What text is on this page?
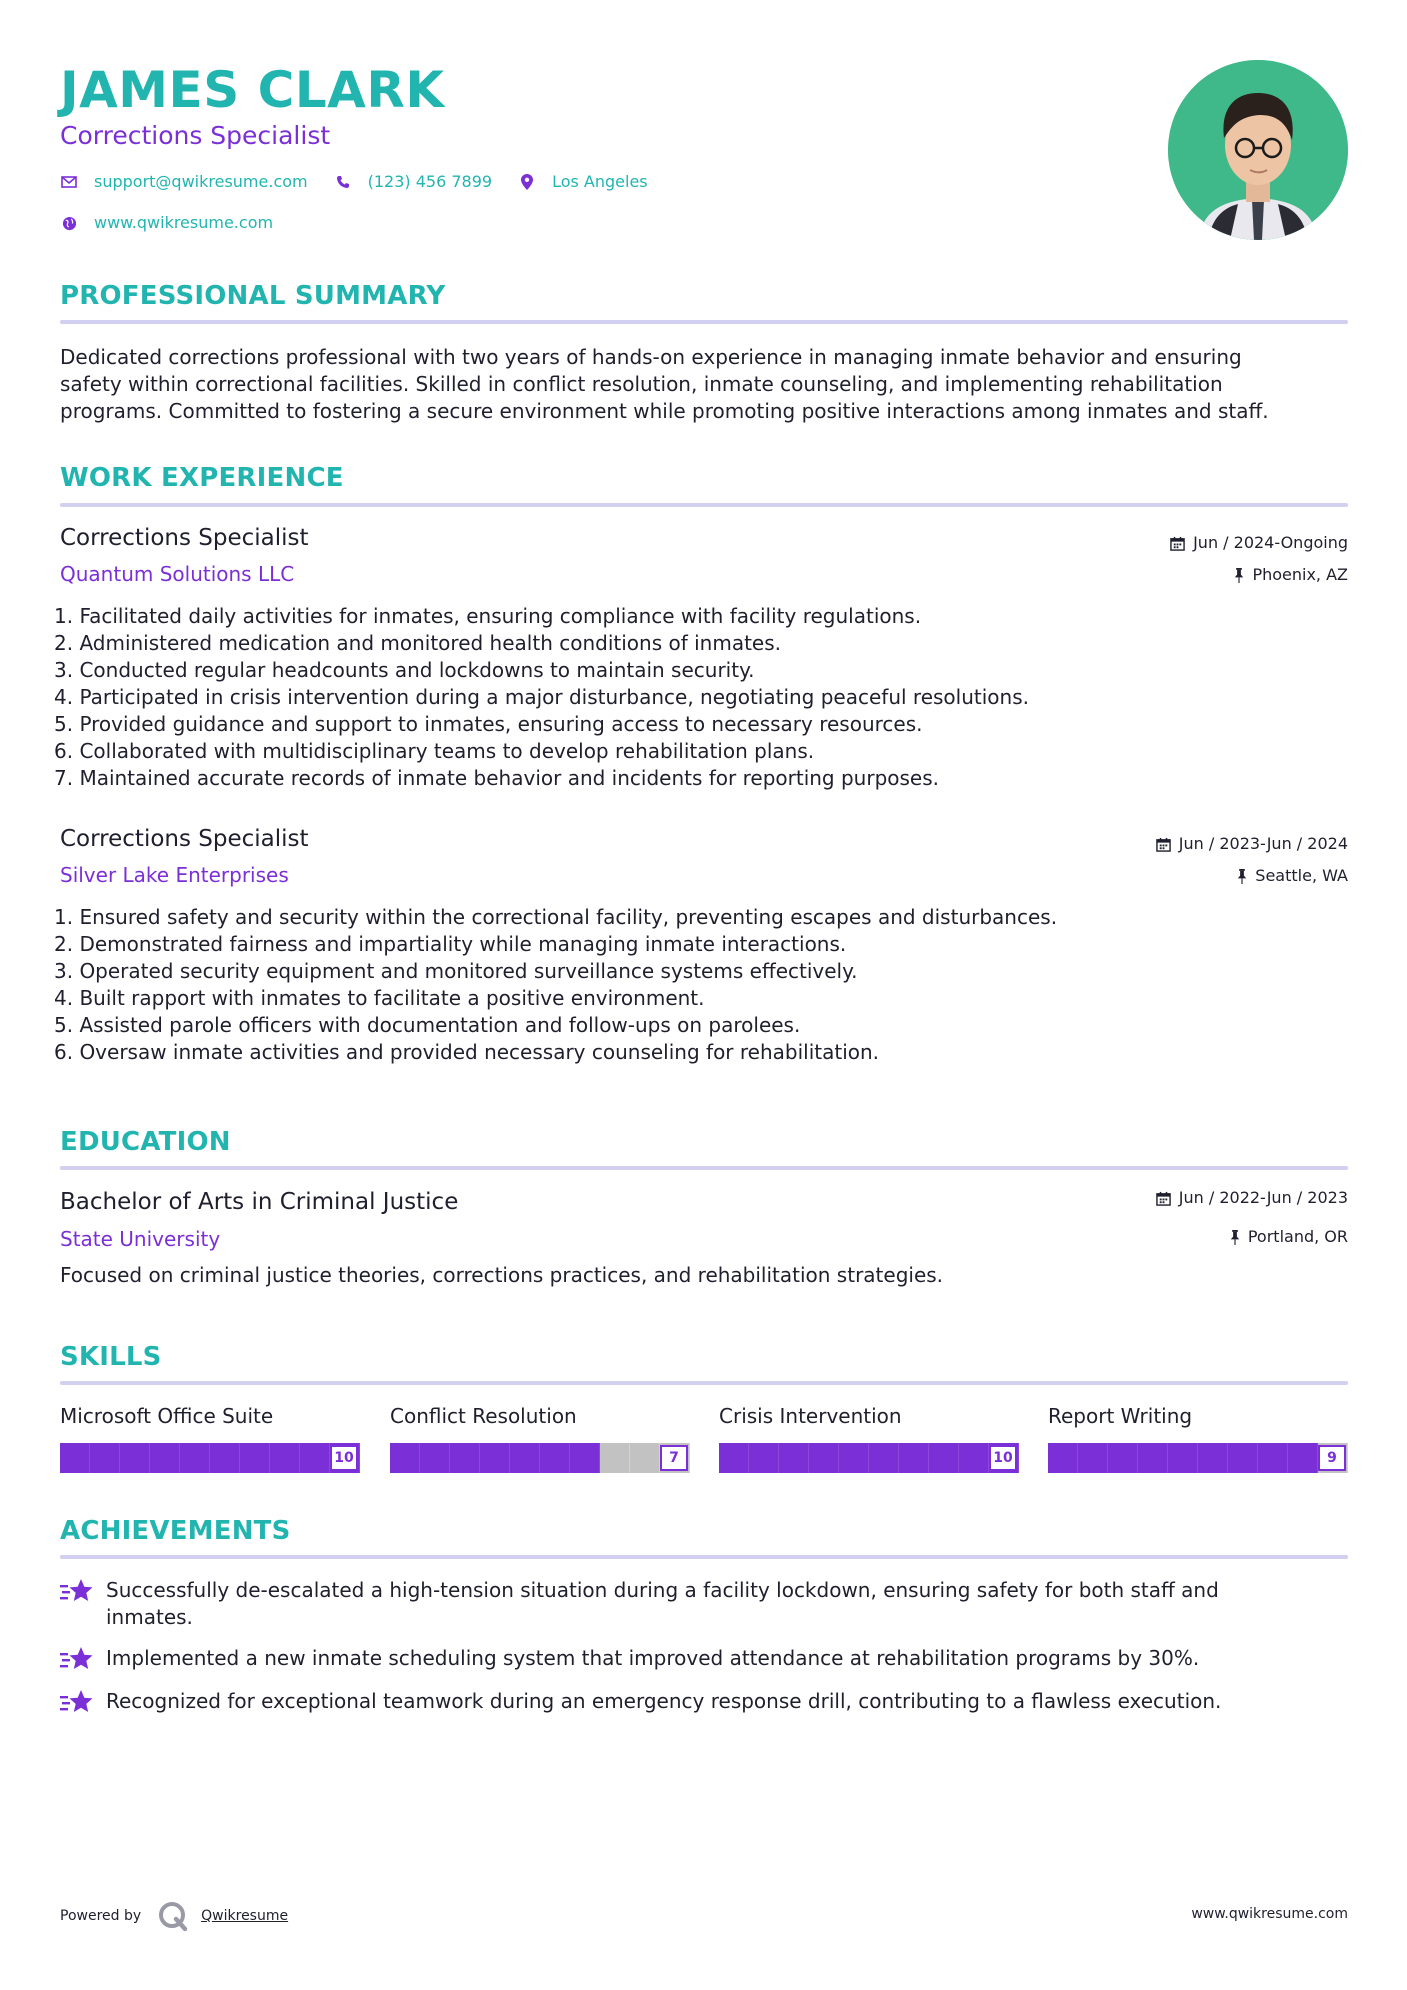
JAMES CLARK
Corrections Specialist
support@qwikresume.com	(123) 456 7899	Los Angeles
www.qwikresume.com
PROFESSIONAL SUMMARY
Dedicated corrections professional with two years of hands-on experience in managing inmate behavior and ensuring
safety within correctional facilities. Skilled in conflict resolution, inmate counseling, and implementing rehabilitation
programs. Committed to fostering a secure environment while promoting positive interactions among inmates and staff.
WORK EXPERIENCE
Corrections Specialist
Quantum Solutions LLC
Jun / 2024-Ongoing
Phoenix, AZ
1. Facilitated daily activities for inmates, ensuring compliance with facility regulations.
2. Administered medication and monitored health conditions of inmates.
3. Conducted regular headcounts and lockdowns to maintain security.
4. Participated in crisis intervention during a major disturbance, negotiating peaceful resolutions.
5. Provided guidance and support to inmates, ensuring access to necessary resources.
6. Collaborated with multidisciplinary teams to develop rehabilitation plans.
7. Maintained accurate records of inmate behavior and incidents for reporting purposes.
Corrections Specialist
Silver Lake Enterprises
Jun / 2023-Jun / 2024
Seattle, WA
1. Ensured safety and security within the correctional facility, preventing escapes and disturbances.
2. Demonstrated fairness and impartiality while managing inmate interactions.
3. Operated security equipment and monitored surveillance systems effectively.
4. Built rapport with inmates to facilitate a positive environment.
5. Assisted parole officers with documentation and follow-ups on parolees.
6. Oversaw inmate activities and provided necessary counseling for rehabilitation.
EDUCATION
Bachelor of Arts in Criminal Justice
State University
Jun / 2022-Jun / 2023
Portland, OR
Focused on criminal justice theories, corrections practices, and rehabilitation strategies.
SKILLS
Microsoft Office Suite
10
Conflict Resolution
7
Crisis Intervention
10
Report Writing
9
ACHIEVEMENTS
Successfully de-escalated a high-tension situation during a facility lockdown, ensuring safety for both staff and inmates.
Implemented a new inmate scheduling system that improved attendance at rehabilitation programs by 30%.
Recognized for exceptional teamwork during an emergency response drill, contributing to a flawless execution.
Powered by	Qwikresume	www.qwikresume.com
